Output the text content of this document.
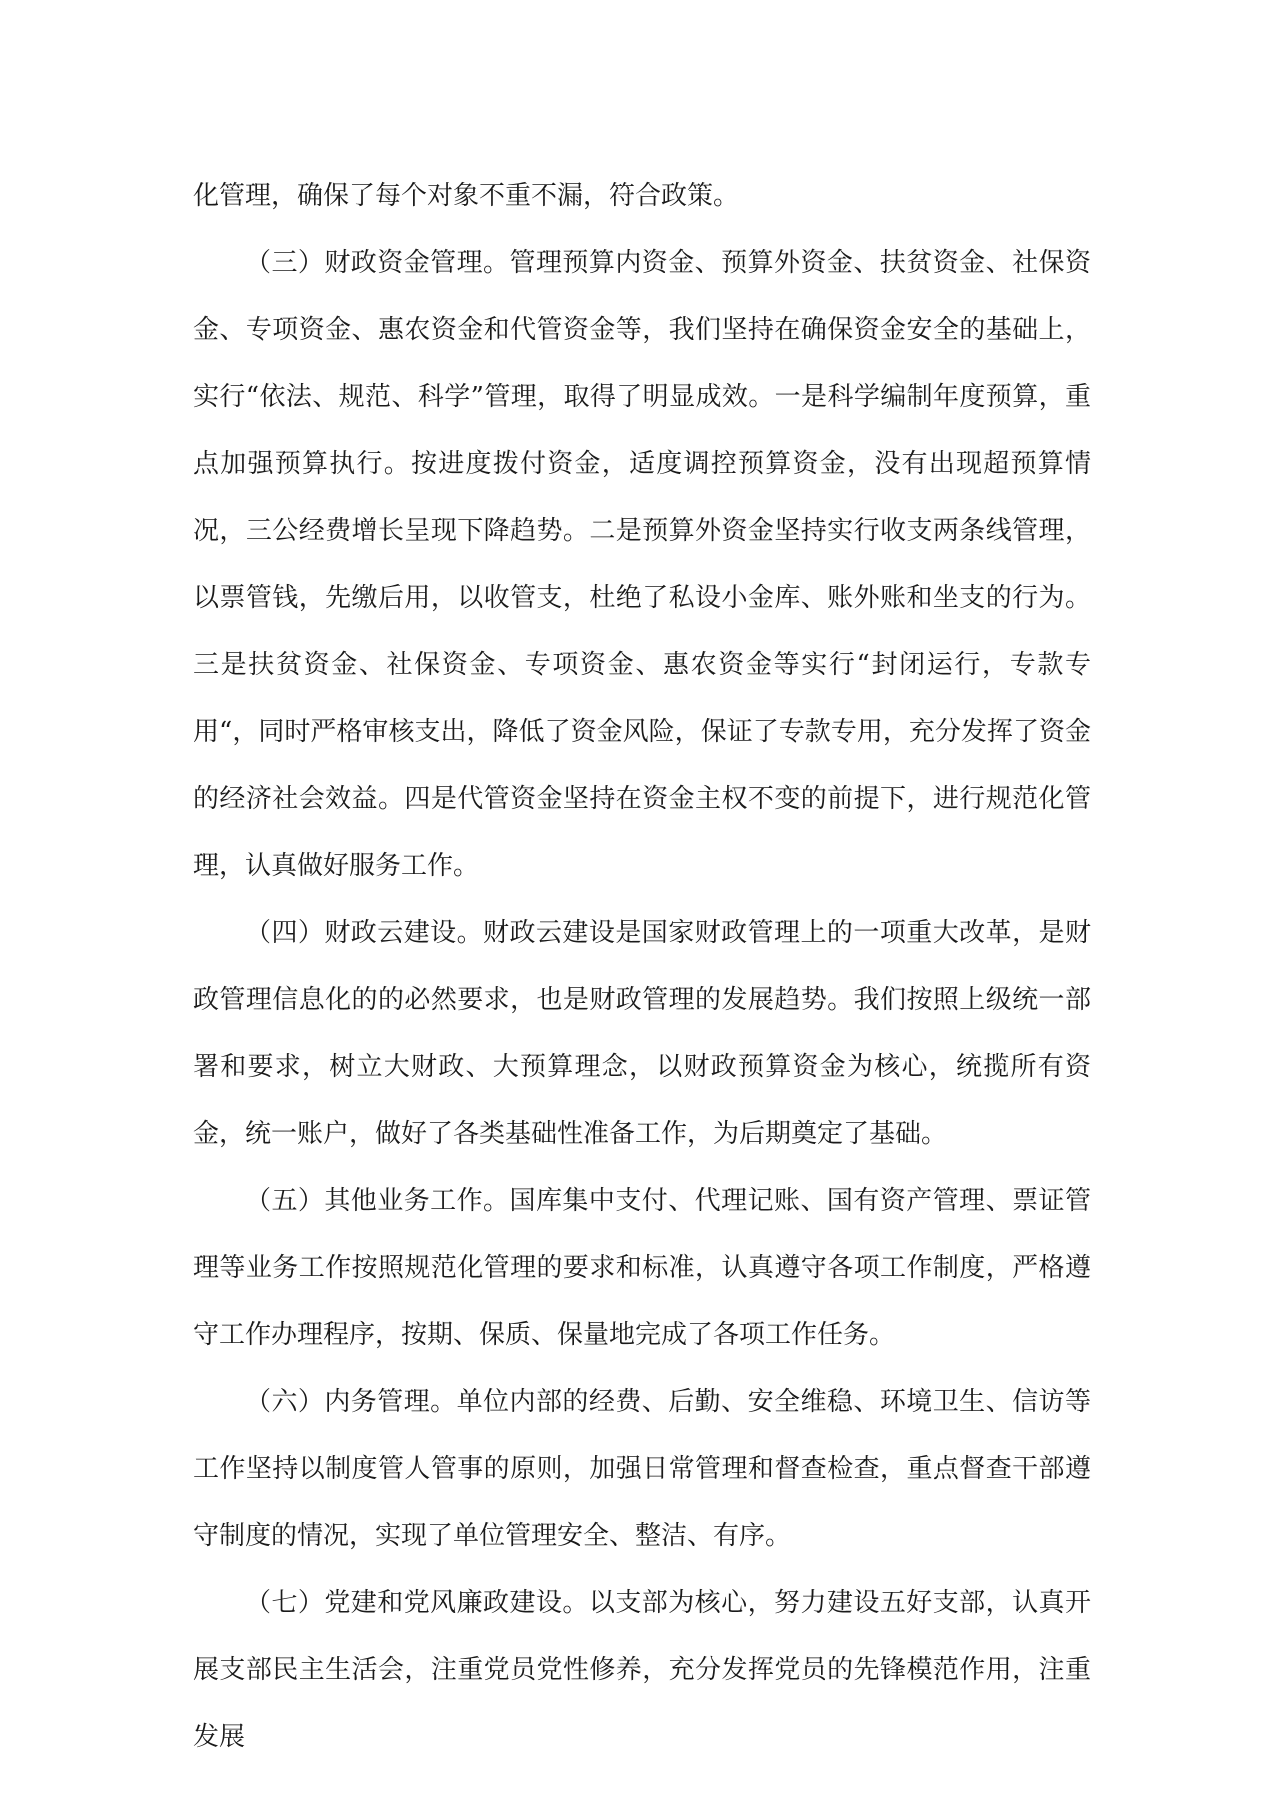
化管理，确保了每个对象不重不漏，符合政策。

（三）财政资金管理。管理预算内资金、预算外资金、扶贫资金、社保资金、专项资金、惠农资金和代管资金等，我们坚持在确保资金安全的基础上，实行“依法、规范、科学”管理，取得了明显成效。一是科学编制年度预算，重点加强预算执行。按进度拨付资金，适度调控预算资金，没有出现超预算情况，三公经费增长呈现下降趋势。二是预算外资金坚持实行收支两条线管理，以票管钱，先缴后用，以收管支，杜绝了私设小金库、账外账和坐支的行为。三是扶贫资金、社保资金、专项资金、惠农资金等实行“封闭运行，专款专用“，同时严格审核支出，降低了资金风险，保证了专款专用，充分发挥了资金的经济社会效益。四是代管资金坚持在资金主权不变的前提下，进行规范化管理，认真做好服务工作。

（四）财政云建设。财政云建设是国家财政管理上的一项重大改革，是财政管理信息化的的必然要求，也是财政管理的发展趋势。我们按照上级统一部署和要求，树立大财政、大预算理念，以财政预算资金为核心，统揽所有资金，统一账户，做好了各类基础性准备工作，为后期奠定了基础。

（五）其他业务工作。国库集中支付、代理记账、国有资产管理、票证管理等业务工作按照规范化管理的要求和标准，认真遵守各项工作制度，严格遵守工作办理程序，按期、保质、保量地完成了各项工作任务。

（六）内务管理。单位内部的经费、后勤、安全维稳、环境卫生、信访等工作坚持以制度管人管事的原则，加强日常管理和督查检查，重点督查干部遵守制度的情况，实现了单位管理安全、整洁、有序。

（七）党建和党风廉政建设。以支部为核心，努力建设五好支部，认真开展支部民主生活会，注重党员党性修养，充分发挥党员的先锋模范作用，注重发展
